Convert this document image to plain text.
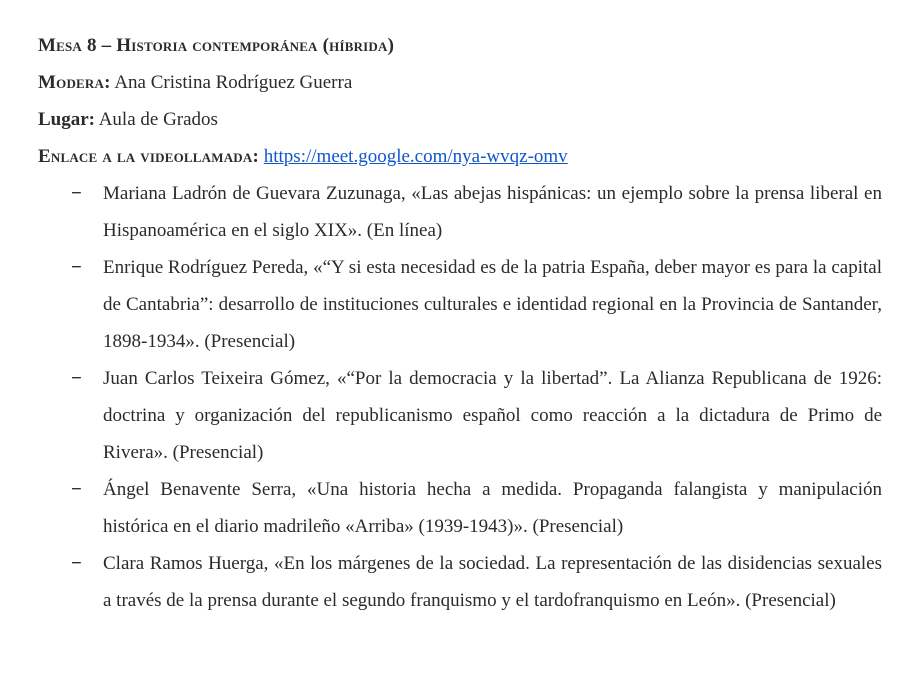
Mesa 8 – Historia contemporánea (híbrida)
Modera: Ana Cristina Rodríguez Guerra
Lugar: Aula de Grados
Enlace a la videollamada: https://meet.google.com/nya-wvqz-omv
− Mariana Ladrón de Guevara Zuzunaga, «Las abejas hispánicas: un ejemplo sobre la prensa liberal en Hispanoamérica en el siglo XIX». (En línea)
− Enrique Rodríguez Pereda, «“Y si esta necesidad es de la patria España, deber mayor es para la capital de Cantabria”: desarrollo de instituciones culturales e identidad regional en la Provincia de Santander, 1898-1934». (Presencial)
− Juan Carlos Teixeira Gómez, «“Por la democracia y la libertad”. La Alianza Republicana de 1926: doctrina y organización del republicanismo español como reacción a la dictadura de Primo de Rivera». (Presencial)
− Ángel Benavente Serra, «Una historia hecha a medida. Propaganda falangista y manipulación histórica en el diario madrileño «Arriba» (1939-1943)». (Presencial)
− Clara Ramos Huerga, «En los márgenes de la sociedad. La representación de las disidencias sexuales a través de la prensa durante el segundo franquismo y el tardofranquismo en León». (Presencial)
